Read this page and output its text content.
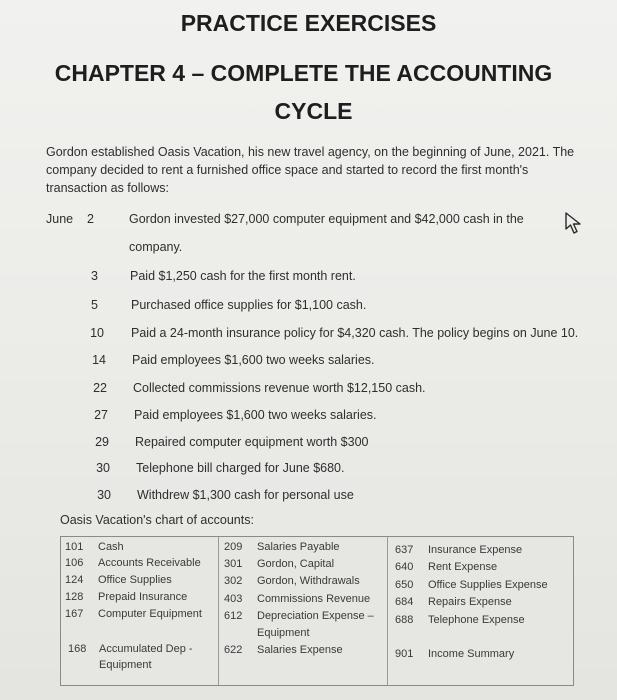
PRACTICE EXERCISES
CHAPTER 4 – COMPLETE THE ACCOUNTING
CYCLE
Gordon established Oasis Vacation, his new travel agency, on the beginning of June, 2021. The company decided to rent a furnished office space and started to record the first month's transaction as follows:
June	2	Gordon invested $27,000 computer equipment and $42,000 cash in the
company.
3	Paid $1,250 cash for the first month rent.
5	Purchased office supplies for $1,100 cash.
10 Paid a 24-month insurance policy for $4,320 cash. The policy begins on June 10.
14 Paid employees $1,600 two weeks salaries.
22 Collected commissions revenue worth $12,150 cash.
27 Paid employees $1,600 two weeks salaries.
29 Repaired computer equipment worth $300
30 Telephone bill charged for June $680.
30 Withdrew $1,300 cash for personal use
Oasis Vacation's chart of accounts:
101 Cash
106 Accounts Receivable
124 Office Supplies
128 Prepaid Insurance
167 Computer Equipment
168 Accumulated Dep -
Equipment
209 Salaries Payable
301 Gordon, Capital
302 Gordon, Withdrawals
403 Commissions Revenue
612 Depreciation Expense –
Equipment
622 Salaries Expense
637 Insurance Expense
640 Rent Expense
650 Office Supplies Expense
684 Repairs Expense
688 Telephone Expense
901 Income Summary
